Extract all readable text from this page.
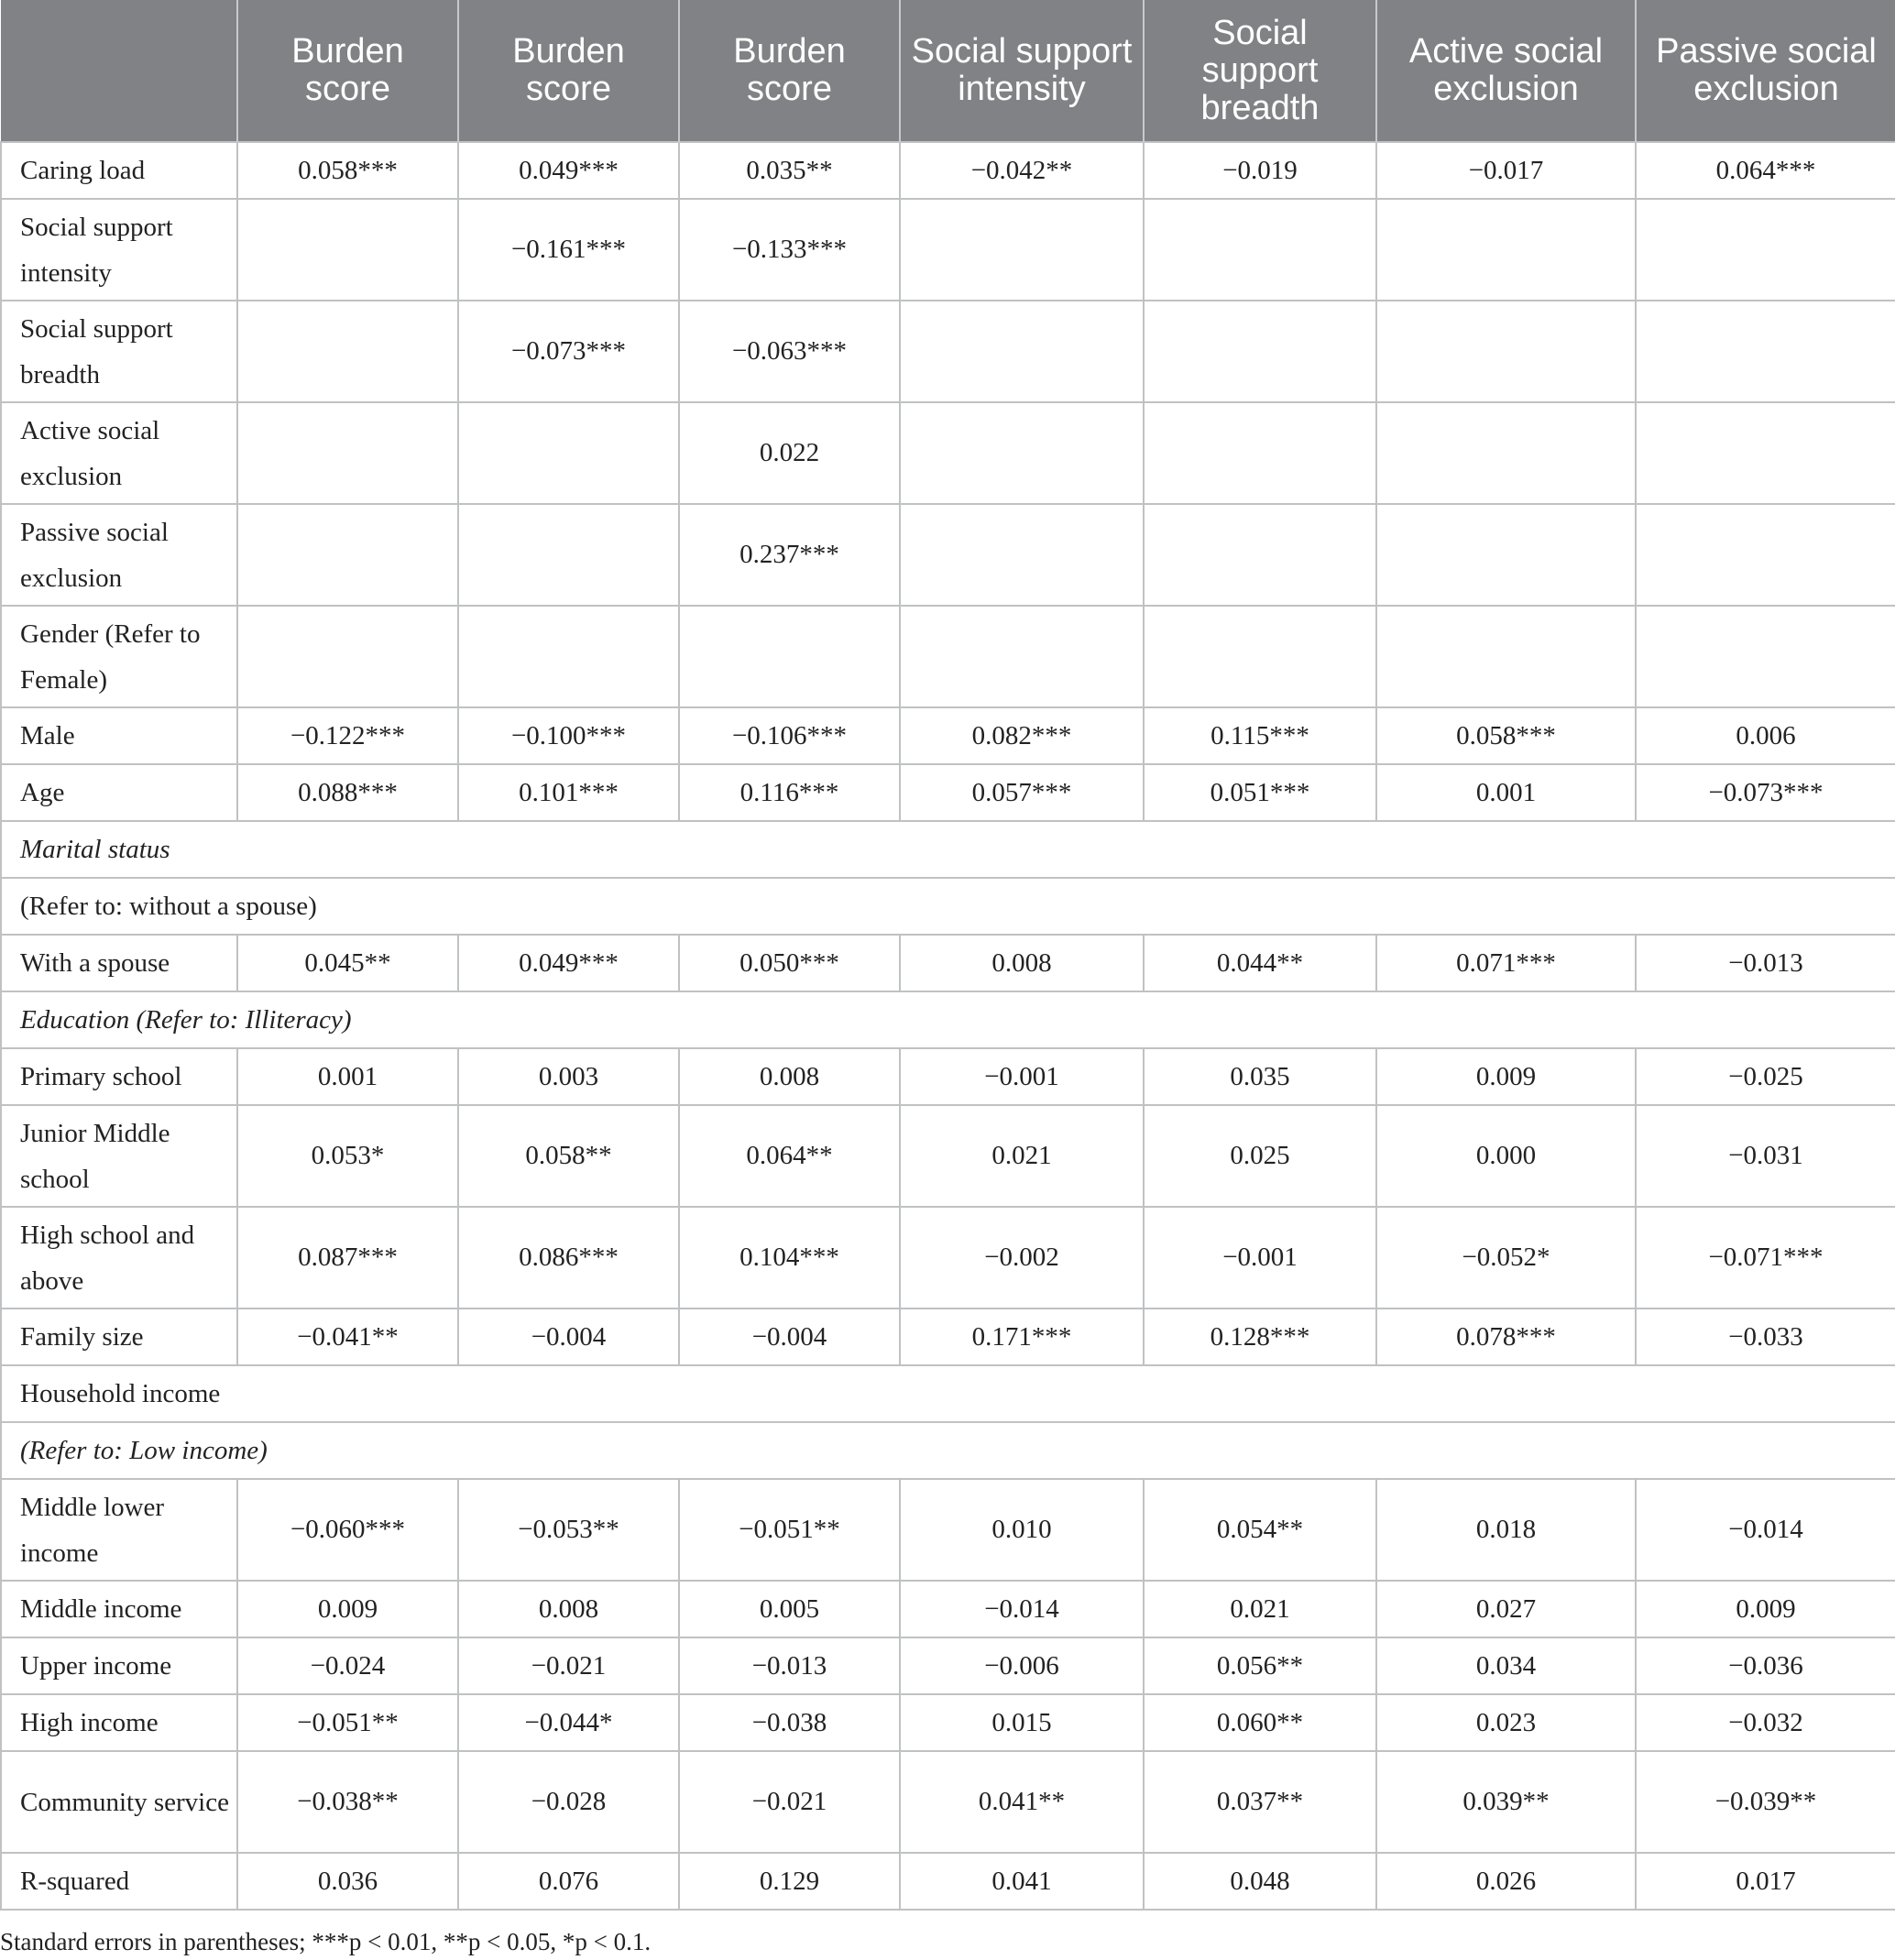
	Burden score	Burden score	Burden score	Social support intensity	Social support breadth	Active social exclusion	Passive social exclusion
Caring load	0.058***	0.049***	0.035**	−0.042**	−0.019	−0.017	0.064***
Social support intensity		−0.161***	−0.133***				
Social support breadth		−0.073***	−0.063***				
Active social exclusion			0.022				
Passive social exclusion			0.237***				
Gender (Refer to Female)							
Male	−0.122***	−0.100***	−0.106***	0.082***	0.115***	0.058***	0.006
Age	0.088***	0.101***	0.116***	0.057***	0.051***	0.001	−0.073***
Marital status							
(Refer to: without a spouse)							
With a spouse	0.045**	0.049***	0.050***	0.008	0.044**	0.071***	−0.013
Education (Refer to: Illiteracy)							
Primary school	0.001	0.003	0.008	−0.001	0.035	0.009	−0.025
Junior Middle school	0.053*	0.058**	0.064**	0.021	0.025	0.000	−0.031
High school and above	0.087***	0.086***	0.104***	−0.002	−0.001	−0.052*	−0.071***
Family size	−0.041**	−0.004	−0.004	0.171***	0.128***	0.078***	−0.033
Household income							
(Refer to: Low income)							
Middle lower income	−0.060***	−0.053**	−0.051**	0.010	0.054**	0.018	−0.014
Middle income	0.009	0.008	0.005	−0.014	0.021	0.027	0.009
Upper income	−0.024	−0.021	−0.013	−0.006	0.056**	0.034	−0.036
High income	−0.051**	−0.044*	−0.038	0.015	0.060**	0.023	−0.032
Community service	−0.038**	−0.028	−0.021	0.041**	0.037**	0.039**	−0.039**
R-squared	0.036	0.076	0.129	0.041	0.048	0.026	0.017
Standard errors in parentheses; ***p < 0.01, **p < 0.05, *p < 0.1.
